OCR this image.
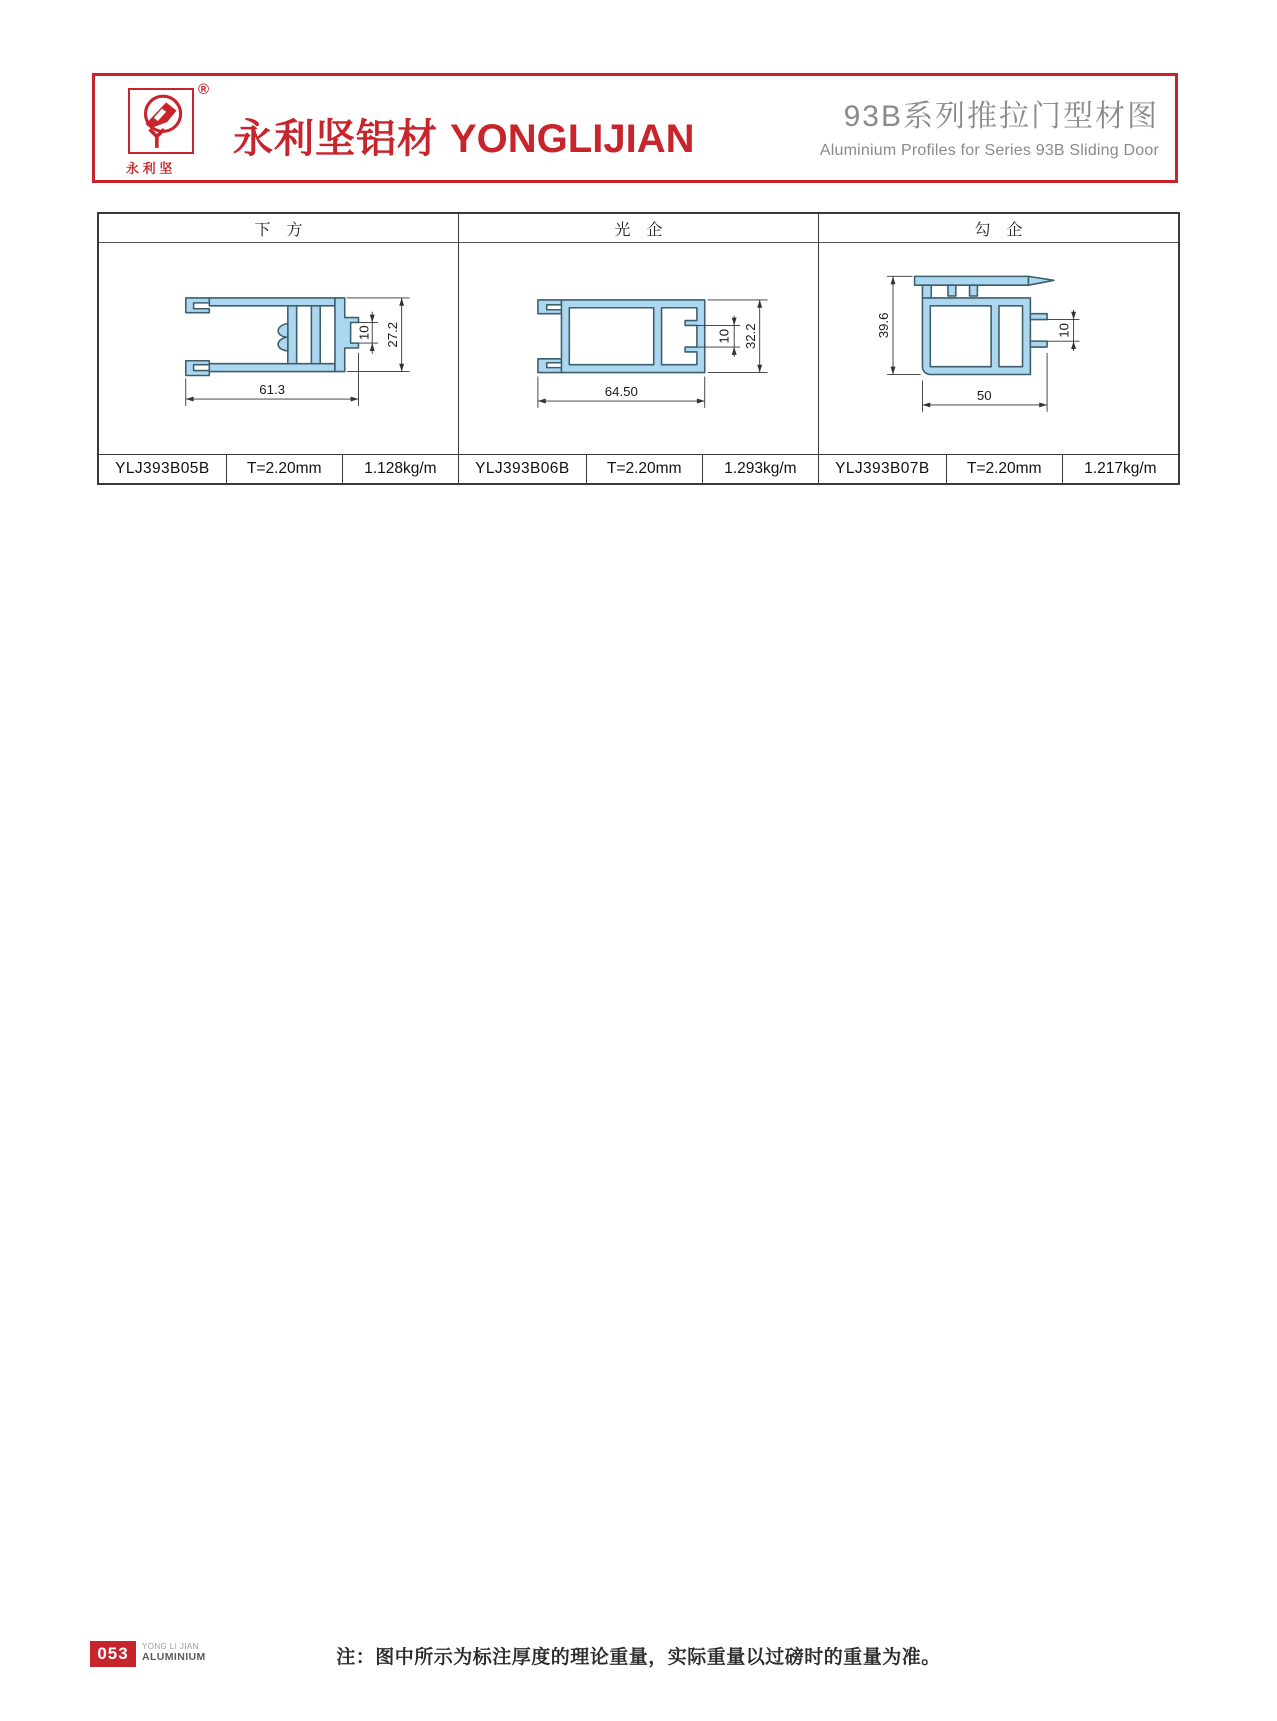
®
永 利 坚
永利坚铝材 YONGLIJIAN
93B系列推拉门型材图
Aluminium Profiles for Series 93B Sliding Door
下　方
61.3
27.2
10
YLJ393B05B	T=2.20mm	1.128kg/m
光　企
64.50
32.2
10
YLJ393B06B	T=2.20mm	1.293kg/m
勾　企
50
39.6	10
YLJ393B07B	T=2.20mm	1.217kg/m
053	YONG LI JIAN
ALUMINIUM	注：图中所示为标注厚度的理论重量，实际重量以过磅时的重量为准。
